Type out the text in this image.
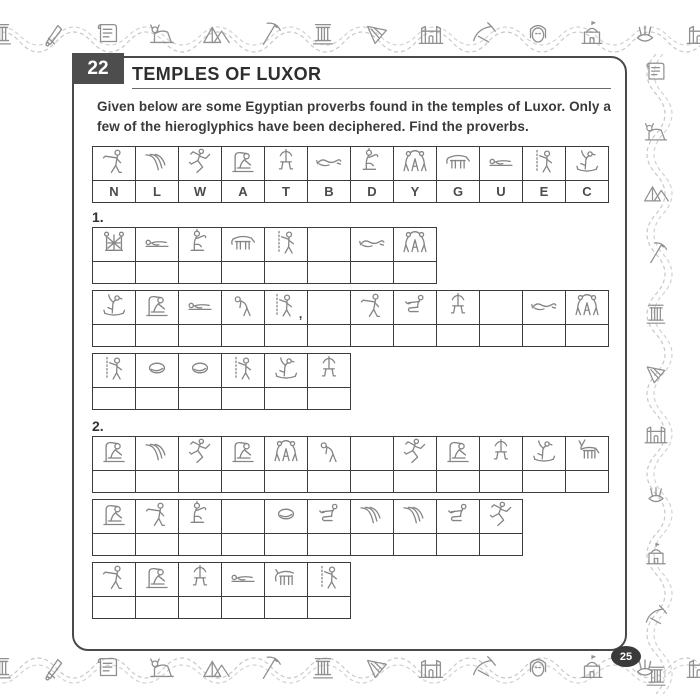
22	TEMPLES OF LUXOR

Given below are some Egyptian proverbs found in the temples of Luxor. Only a few of the hieroglyphics have been deciphered. Find the proverbs.

N	L	W	A	T	B	D	Y	G	U	E	C
1.

,

2.

25
